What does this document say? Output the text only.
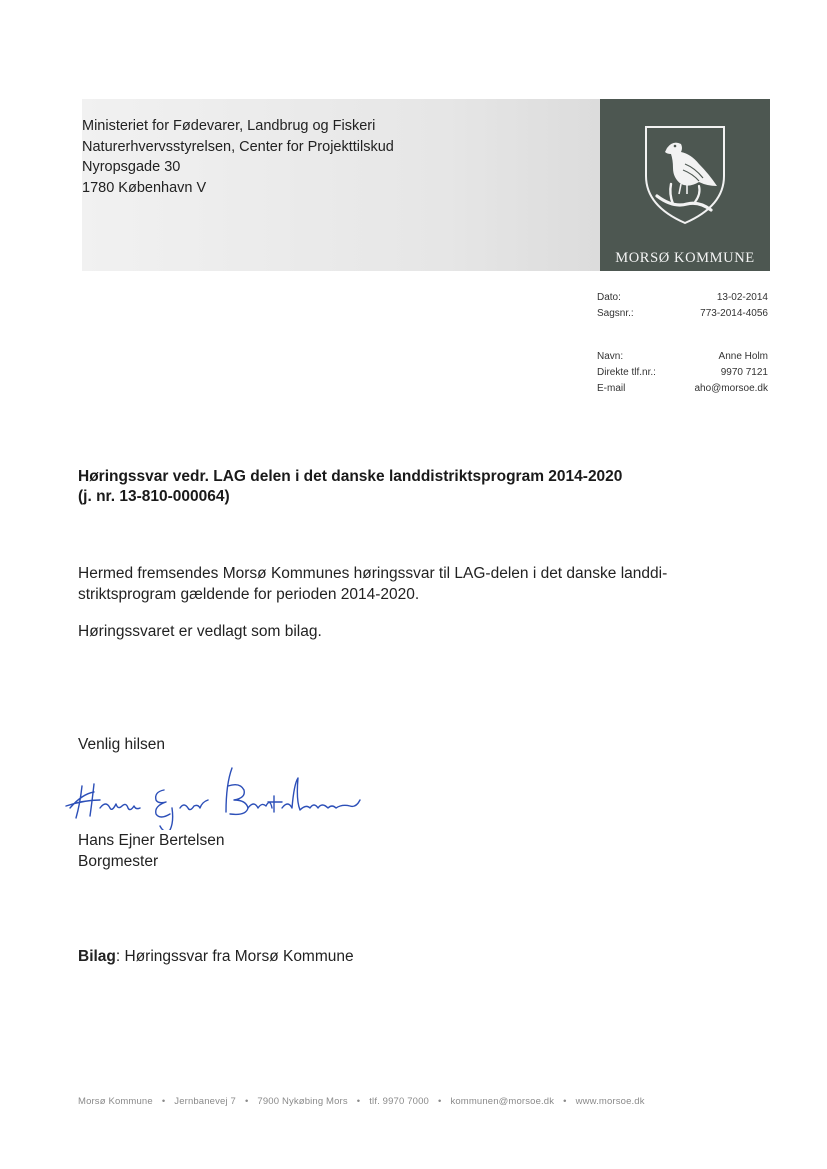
Ministeriet for Fødevarer, Landbrug og Fiskeri
Naturerhvervsstyrelsen, Center for Projekttilskud
Nyropsgade 30
1780 København V
MORSØ KOMMUNE
Dato:	13-02-2014
Sagsnr.:	773-2014-4056
Navn:	Anne Holm
Direkte tlf.nr.:	9970 7121
E-mail	aho@morsoe.dk
Høringssvar vedr. LAG delen i det danske landdistriktsprogram 2014-2020
(j. nr. 13-810-000064)
Hermed fremsendes Morsø Kommunes høringssvar til LAG-delen i det danske landdi-
striktsprogram gældende for perioden 2014-2020.
Høringssvaret er vedlagt som bilag.
Venlig hilsen
Hans Ejner Bertelsen
Borgmester
Bilag: Høringssvar fra Morsø Kommune
Morsø Kommune • Jernbanevej 7 • 7900 Nykøbing Mors • tlf. 9970 7000 • kommunen@morsoe.dk • www.morsoe.dk
